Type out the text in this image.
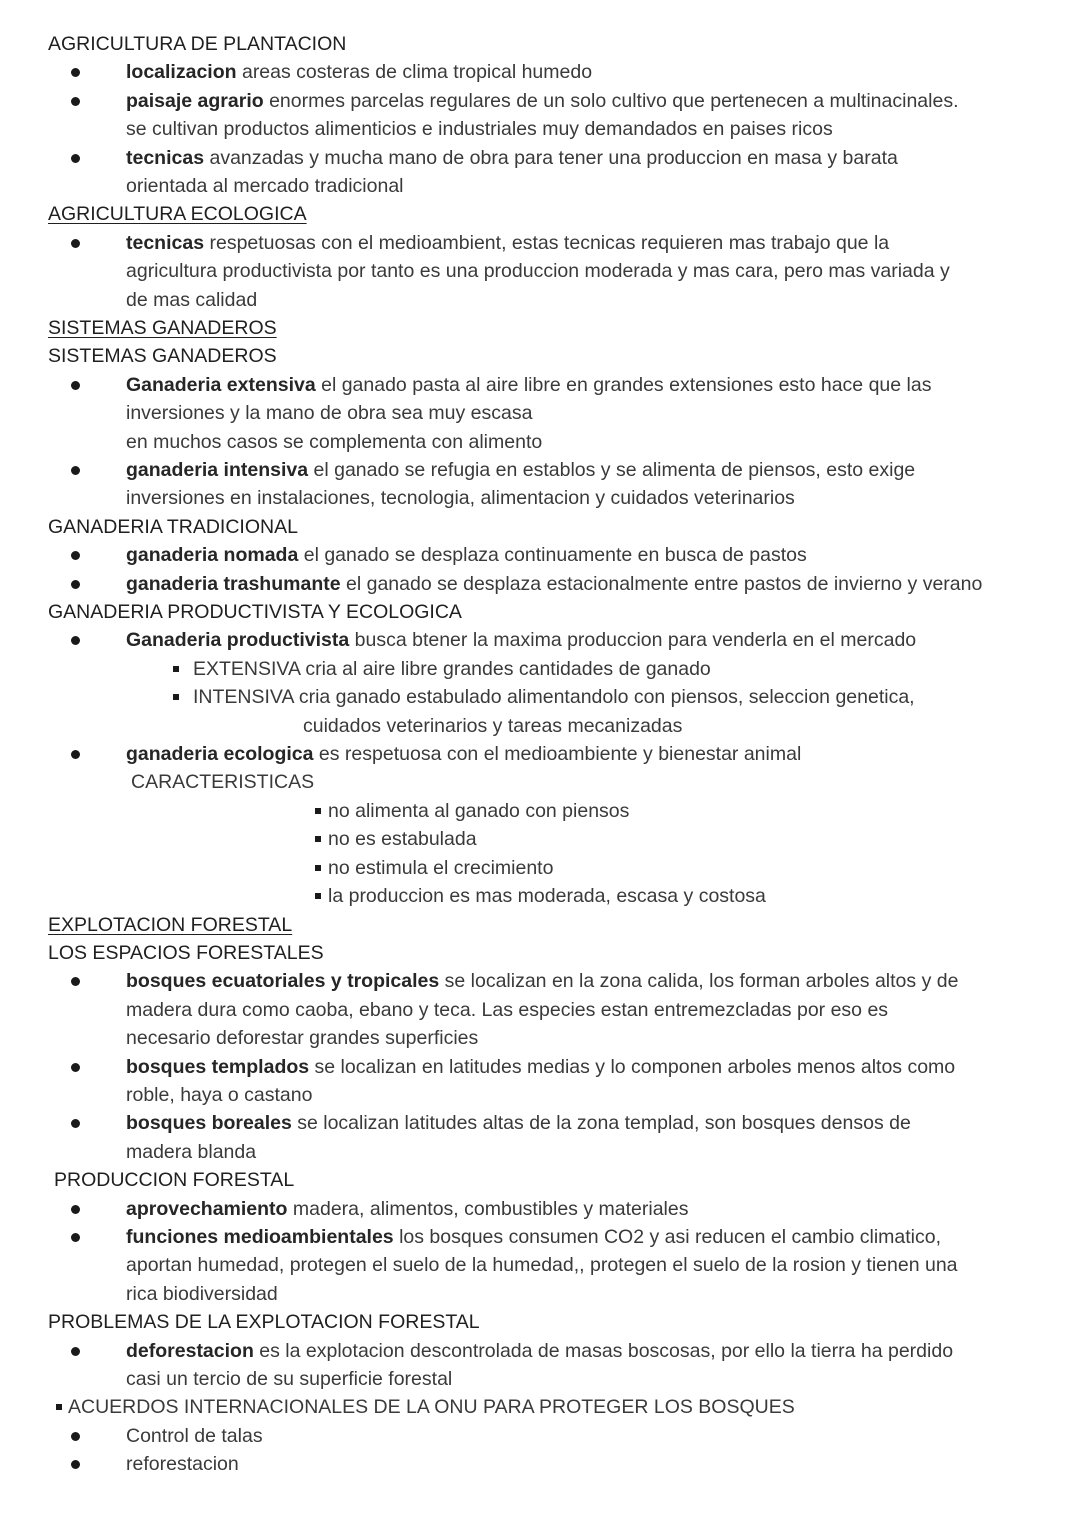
AGRICULTURA DE PLANTACION
localizacion areas costeras de clima tropical humedo
paisaje agrario enormes parcelas regulares de un solo cultivo que pertenecen a multinacinales.
se cultivan productos alimenticios e industriales muy demandados en paises ricos
tecnicas avanzadas y mucha mano de obra para tener una produccion en masa y barata
orientada al mercado tradicional
AGRICULTURA ECOLOGICA
tecnicas respetuosas con el medioambient, estas tecnicas requieren mas trabajo que la
agricultura productivista por tanto es una produccion moderada y mas cara, pero mas variada y
de mas calidad
SISTEMAS GANADEROS
SISTEMAS GANADEROS
Ganaderia extensiva el ganado pasta al aire libre en grandes extensiones esto hace que las
inversiones y la mano de obra sea muy escasa
en muchos casos se complementa con alimento
ganaderia intensiva el ganado se refugia en establos y se alimenta de piensos, esto exige
inversiones en instalaciones, tecnologia, alimentacion y cuidados veterinarios
GANADERIA TRADICIONAL
ganaderia nomada el ganado se desplaza continuamente en busca de pastos
ganaderia trashumante el ganado se desplaza estacionalmente entre pastos de invierno y verano
GANADERIA PRODUCTIVISTA Y ECOLOGICA
Ganaderia productivista busca btener la maxima produccion para venderla en el mercado
EXTENSIVA cria al aire libre grandes cantidades de ganado
INTENSIVA cria ganado estabulado alimentandolo con piensos, seleccion genetica,
cuidados veterinarios y tareas mecanizadas
ganaderia ecologica es respetuosa con el medioambiente y bienestar animal
CARACTERISTICAS
no alimenta al ganado con piensos
no es estabulada
no estimula el crecimiento
la produccion es mas moderada, escasa y costosa
EXPLOTACION FORESTAL
LOS ESPACIOS FORESTALES
bosques ecuatoriales y tropicales se localizan en la zona calida, los forman arboles altos y de
madera dura como caoba, ebano y teca. Las especies estan entremezcladas por eso es
necesario deforestar grandes superficies
bosques templados se localizan en latitudes medias y lo componen arboles menos altos como
roble, haya o castano
bosques boreales se localizan latitudes altas de la zona templad, son bosques densos de
madera blanda
PRODUCCION FORESTAL
aprovechamiento madera, alimentos, combustibles y materiales
funciones medioambientales los bosques consumen CO2 y asi reducen el cambio climatico,
aportan humedad, protegen el suelo de la humedad,, protegen el suelo de la rosion y tienen una
rica biodiversidad
PROBLEMAS DE LA EXPLOTACION FORESTAL
deforestacion es la explotacion descontrolada de masas boscosas, por ello la tierra ha perdido
casi un tercio de su superficie forestal
ACUERDOS INTERNACIONALES DE LA ONU PARA PROTEGER LOS BOSQUES
Control de talas
reforestacion
